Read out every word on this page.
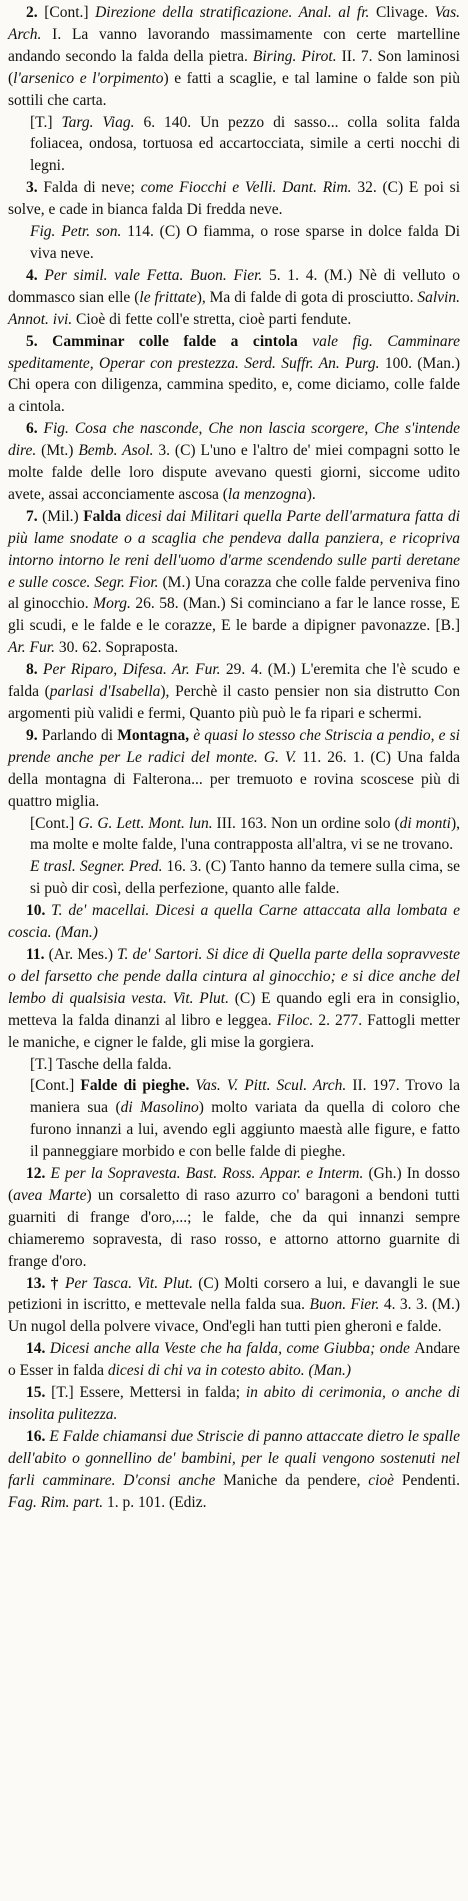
2. [Cont.] Direzione della stratificazione. Anal. al fr. Clivage. Vas. Arch. I. La vanno lavorando massimamente con certe martelline andando secondo la falda della pietra. Biring. Pirot. II. 7. Son laminosi (l'arsenico e l'orpimento) e fatti a scaglie, e tal lamine o falde son più sottili che carta.

[T.] Targ. Viag. 6. 140. Un pezzo di sasso... colla solita falda foliacea, ondosa, tortuosa ed accartocciata, simile a certi nocchi di legni.

3. Falda di neve; come Fiocchi e Velli. Dant. Rim. 32. (C) E poi si solve, e cade in bianca falda Di fredda neve.

Fig. Petr. son. 114. (C) O fiamma, o rose sparse in dolce falda Di viva neve.

4. Per simil. vale Fetta. Buon. Fier. 5. 1. 4. (M.) Nè di velluto o dommasco sian elle (le frittate), Ma di falde di gota di prosciutto. Salvin. Annot. ivi. Cioè di fette coll'e stretta, cioè parti fendute.

5. Camminar colle falde a cintola vale fig. Camminare speditamente, Operar con prestezza. Serd. Suffr. An. Purg. 100. (Man.) Chi opera con diligenza, cammina spedito, e, come diciamo, colle falde a cintola.

6. Fig. Cosa che nasconde, Che non lascia scorgere, Che s'intende dire. (Mt.) Bemb. Asol. 3. (C) L'uno e l'altro de' miei compagni sotto le molte falde delle loro dispute avevano questi giorni, siccome udito avete, assai acconciamente ascosa (la menzogna).

7. (Mil.) Falda dicesi dai Militari quella Parte dell'armatura fatta di più lame snodate o a scaglia che pendeva dalla panziera, e ricopriva intorno intorno le reni dell'uomo d'arme scendendo sulle parti deretane e sulle cosce. Segr. Fior. (M.) Una corazza che colle falde perveniva fino al ginocchio. Morg. 26. 58. (Man.) Si cominciano a far le lance rosse, E gli scudi, e le falde e le corazze, E le barde a dipigner pavonazze. [B.] Ar. Fur. 30. 62. Sopraposta.

8. Per Riparo, Difesa. Ar. Fur. 29. 4. (M.) L'eremita che l'è scudo e falda (parlasi d'Isabella), Perchè il casto pensier non sia distrutto Con argomenti più validi e fermi, Quanto più può le fa ripari e schermi.

9. Parlando di Montagna, è quasi lo stesso che Striscia a pendio, e si prende anche per Le radici del monte. G. V. 11. 26. 1. (C) Una falda della montagna di Falterona... per tremuoto e rovina scoscese più di quattro miglia.

[Cont.] G. G. Lett. Mont. lun. III. 163. Non un ordine solo (di monti), ma molte e molte falde, l'una contrapposta all'altra, vi se ne trovano.

E trasl. Segner. Pred. 16. 3. (C) Tanto hanno da temere sulla cima, se si può dir così, della perfezione, quanto alle falde.

10. T. de' macellai. Dicesi a quella Carne attaccata alla lombata e coscia. (Man.)

11. (Ar. Mes.) T. de' Sartori. Si dice di Quella parte della sopravveste o del farsetto che pende dalla cintura al ginocchio; e si dice anche del lembo di qualsisia vesta. Vit. Plut. (C) E quando egli era in consiglio, metteva la falda dinanzi al libro e leggea. Filoc. 2. 277. Fattogli metter le maniche, e cigner le falde, gli mise la gorgiera.

[T.] Tasche della falda.

[Cont.] Falde di pieghe. Vas. V. Pitt. Scul. Arch. II. 197. Trovo la maniera sua (di Masolino) molto variata da quella di coloro che furono innanzi a lui, avendo egli aggiunto maestà alle figure, e fatto il panneggiare morbido e con belle falde di pieghe.

12. E per la Sopravesta. Bast. Ross. Appar. e Interm. (Gh.) In dosso (avea Marte) un corsaletto di raso azurro co' baragoni a bendoni tutti guarniti di frange d'oro,...; le falde, che da qui innanzi sempre chiameremo sopravesta, di raso rosso, e attorno attorno guarnite di frange d'oro.

13. † Per Tasca. Vit. Plut. (C) Molti corsero a lui, e davangli le sue petizioni in iscritto, e mettevale nella falda sua. Buon. Fier. 4. 3. 3. (M.) Un nugol della polvere vivace, Ond'egli han tutti pien gheroni e falde.

14. Dicesi anche alla Veste che ha falda, come Giubba; onde Andare o Esser in falda dicesi di chi va in cotesto abito. (Man.)

15. [T.] Essere, Mettersi in falda; in abito di cerimonia, o anche di insolita pulitezza.

16. E Falde chiamansi due Striscie di panno attaccate dietro le spalle dell'abito o gonnellino de' bambini, per le quali vengono sostenuti nel farli camminare. D'consi anche Maniche da pendere, cioè Pendenti. Fag. Rim. part. 1. p. 101. (Ediz.
